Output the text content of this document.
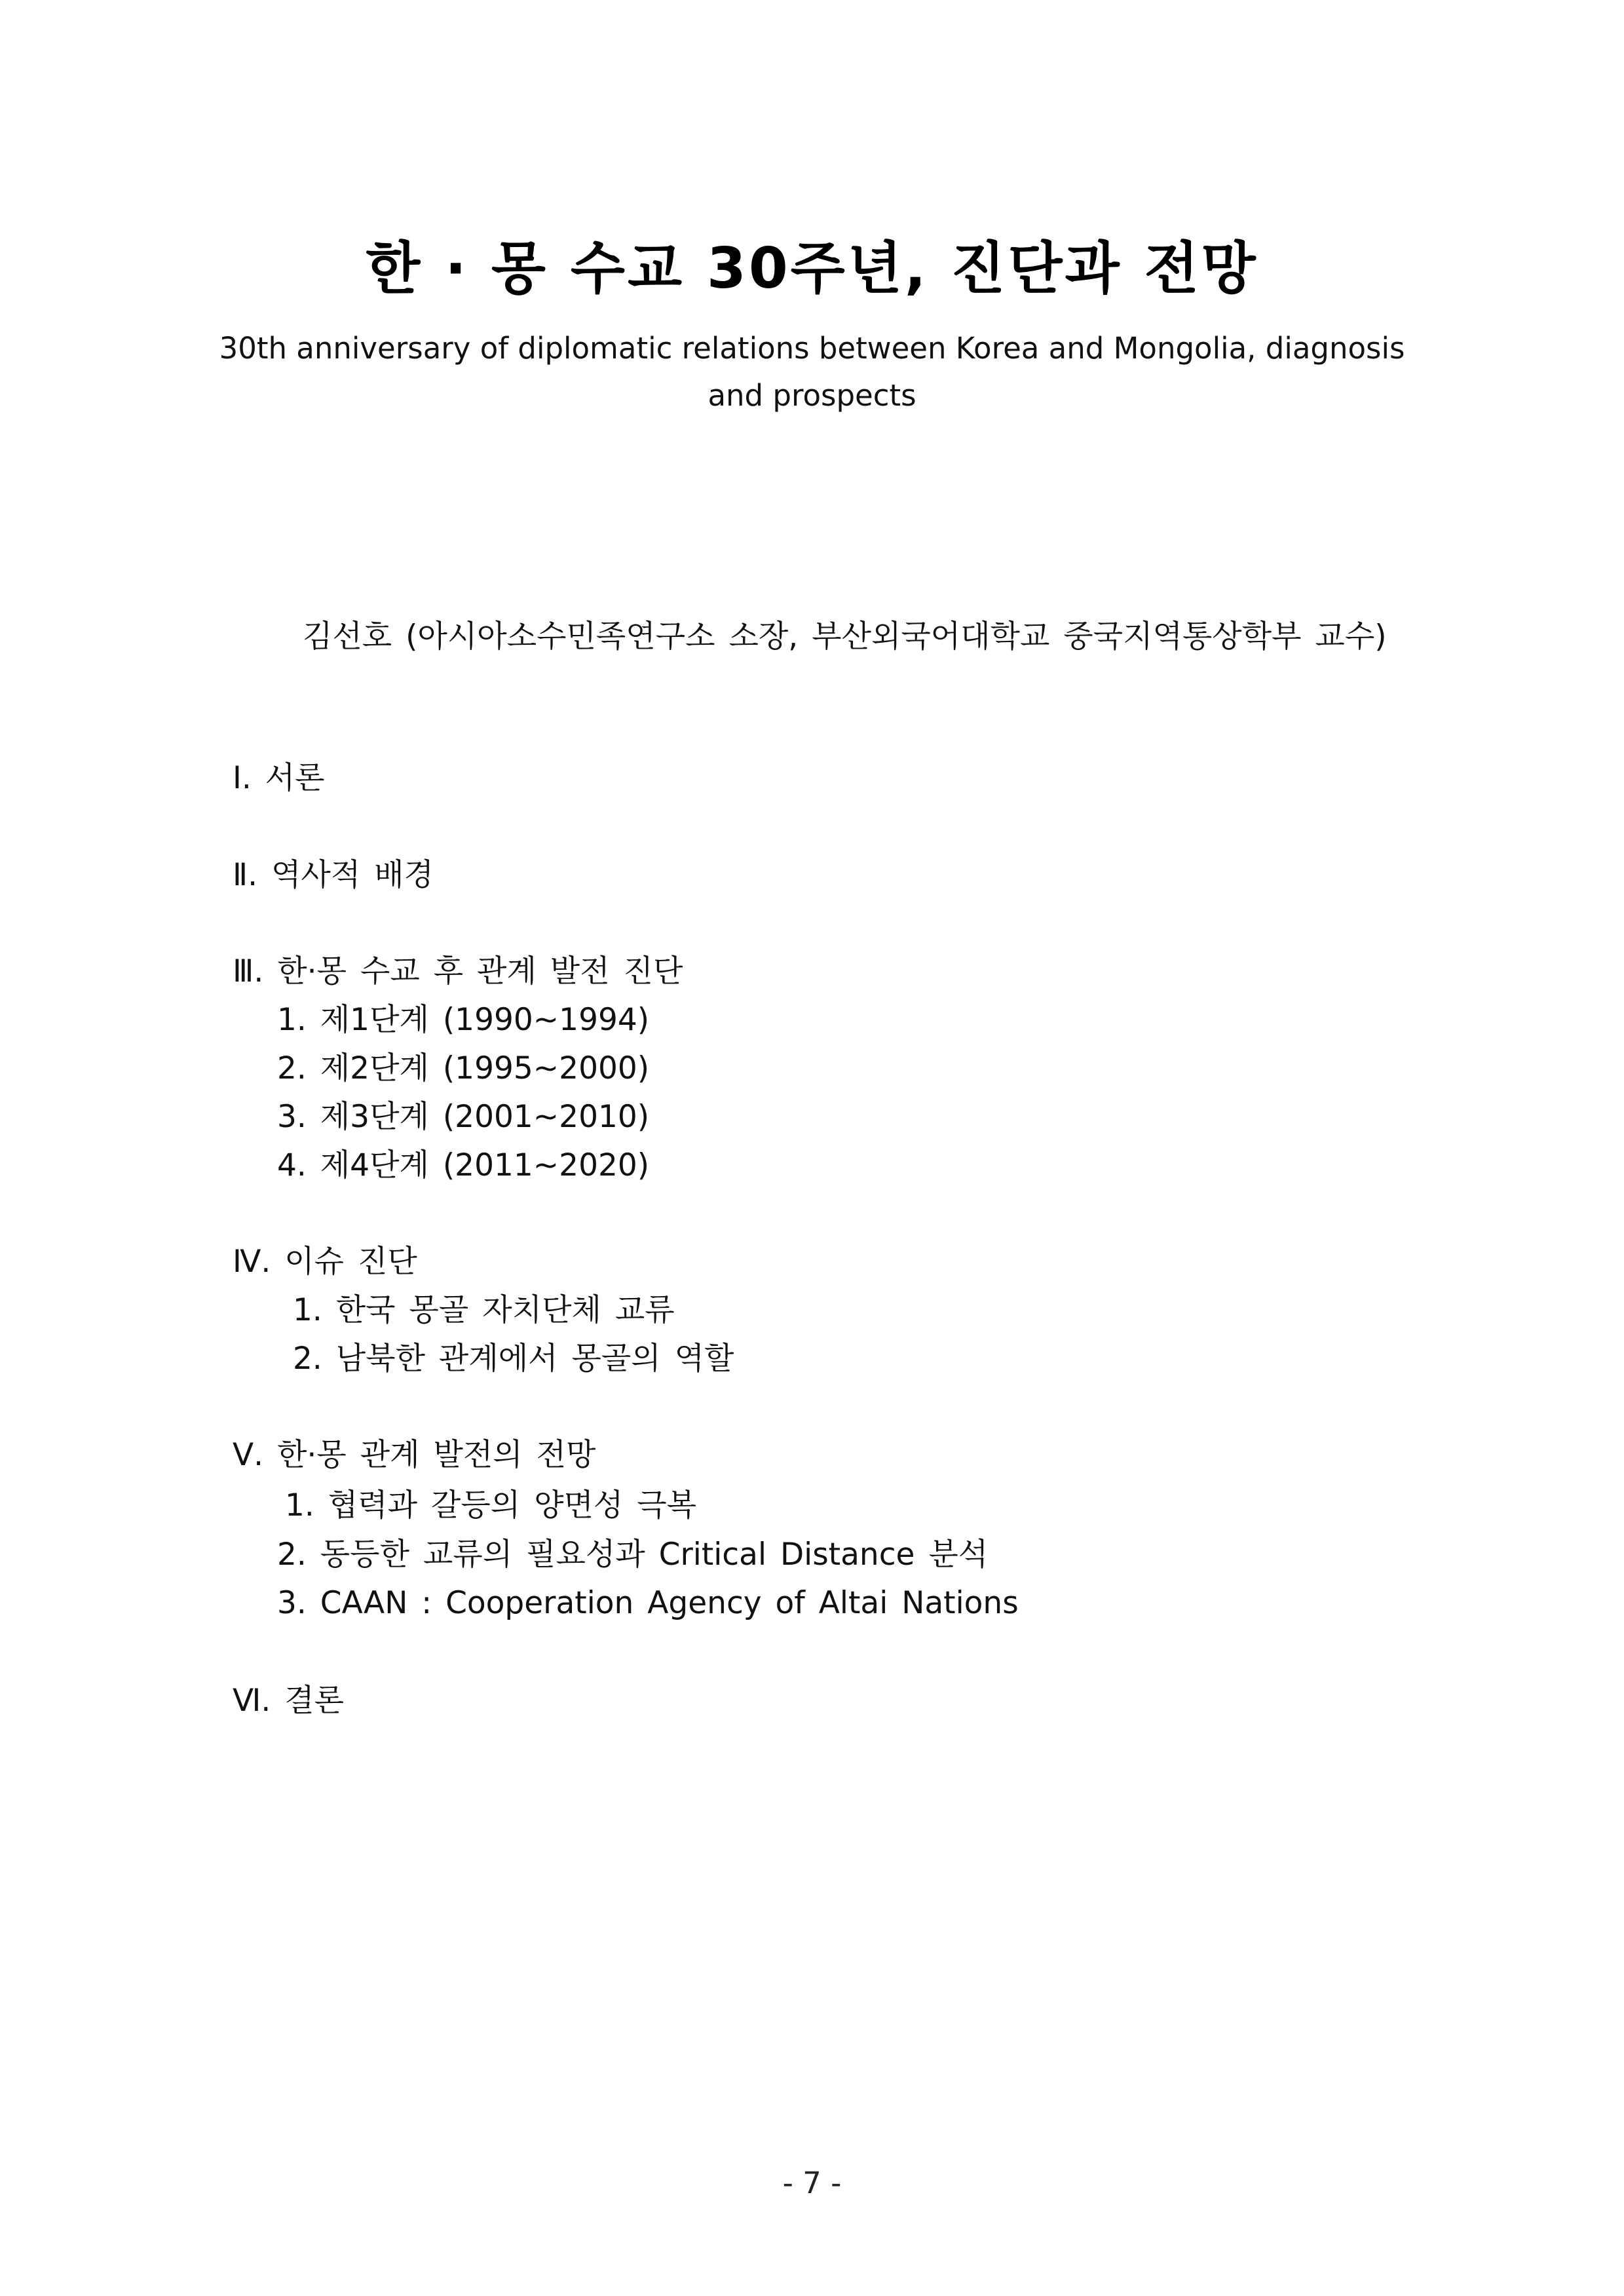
한 · 몽 수교 30주년, 진단과 전망
30th anniversary of diplomatic relations between Korea and Mongolia, diagnosis
and prospects
김선호 (아시아소수민족연구소 소장, 부산외국어대학교 중국지역통상학부 교수)
Ⅰ. 서론
Ⅱ. 역사적 배경
Ⅲ. 한·몽 수교 후 관계 발전 진단
1. 제1단계 (1990~1994)
2. 제2단계 (1995~2000)
3. 제3단계 (2001~2010)
4. 제4단계 (2011~2020)
Ⅳ. 이슈 진단
1. 한국 몽골 자치단체 교류
2. 남북한 관계에서 몽골의 역할
Ⅴ. 한·몽 관계 발전의 전망
1. 협력과 갈등의 양면성 극복
2. 동등한 교류의 필요성과 Critical Distance 분석
3. CAAN : Cooperation Agency of Altai Nations
Ⅵ. 결론
- 7 -
